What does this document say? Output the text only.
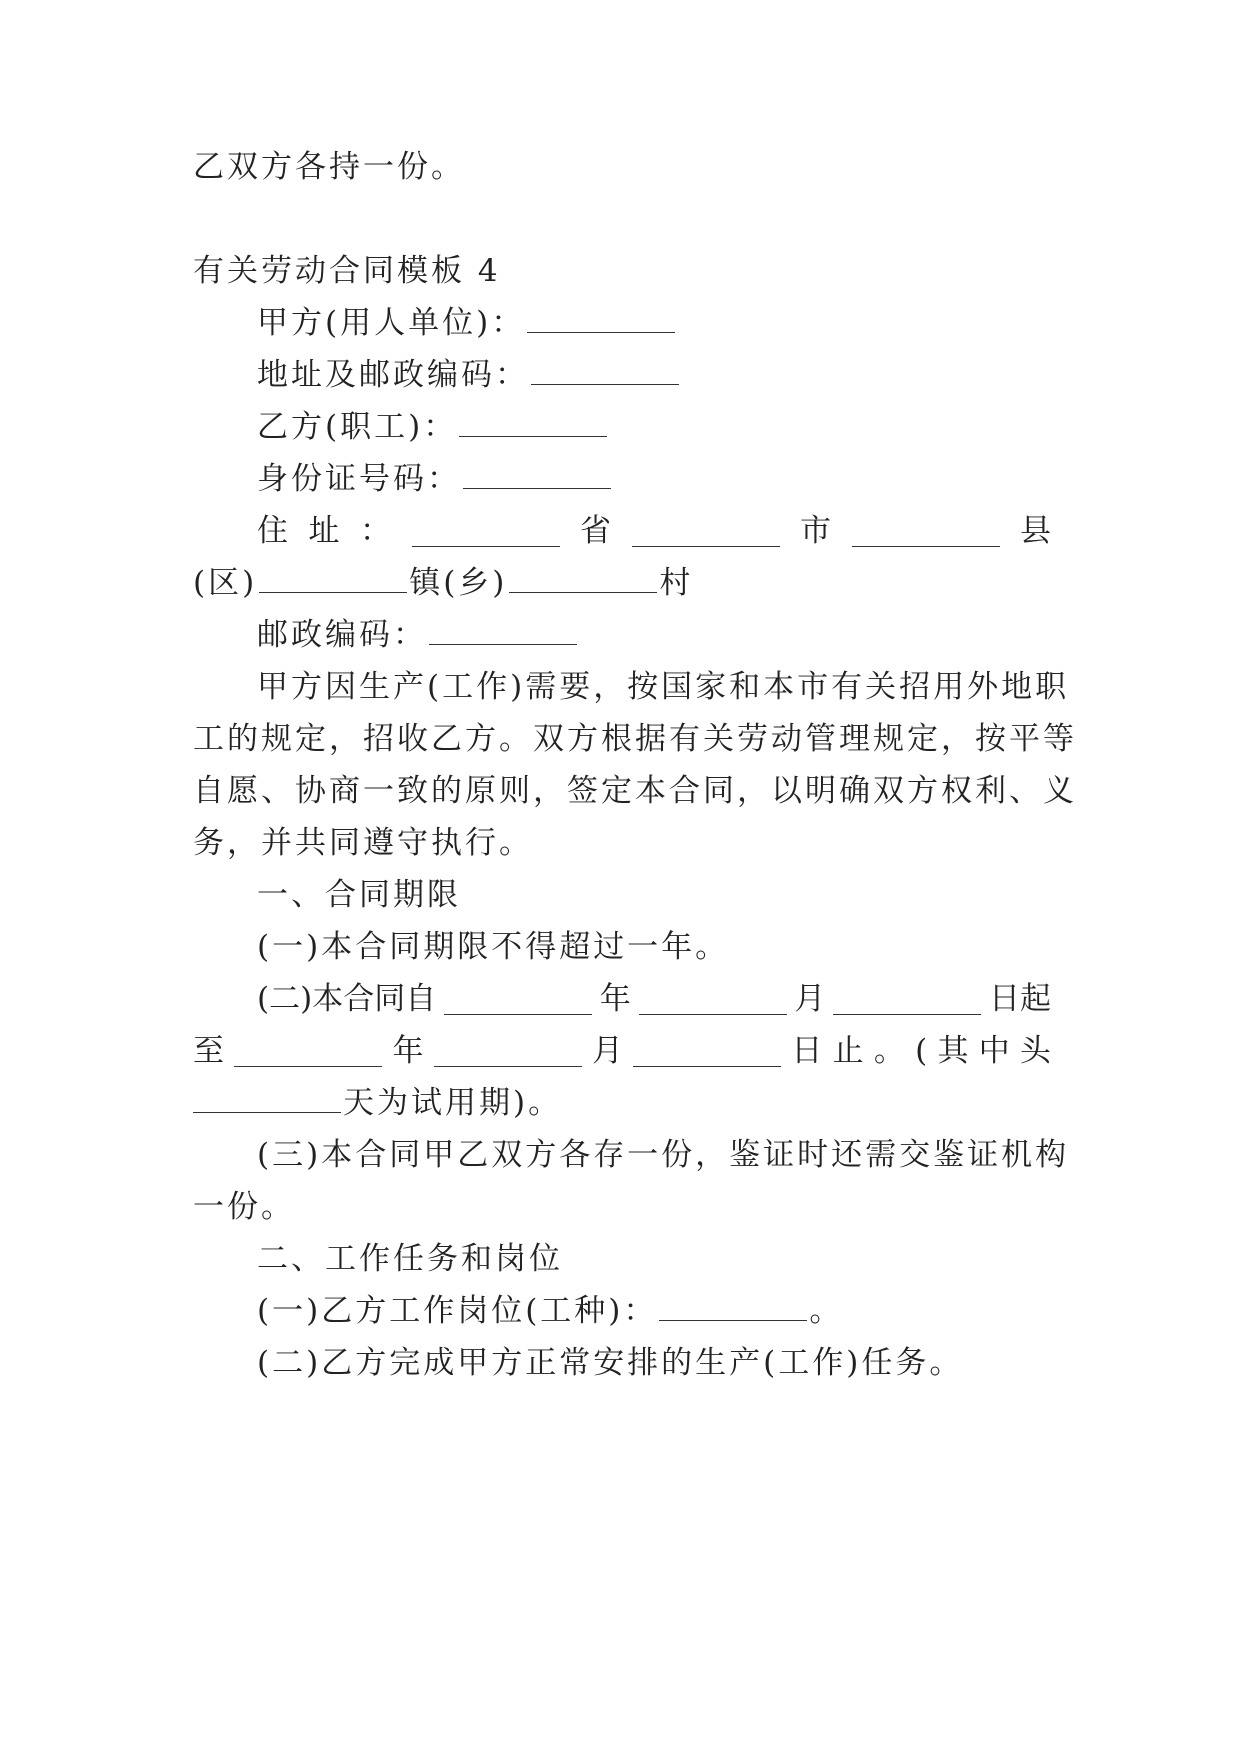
乙双方各持一份。
有关劳动合同模板 4
甲方(用人单位)：
地址及邮政编码：
乙方(职工)：
身份证号码：
住 址 ：	省	市	县
(区)	镇(乡)	村
邮政编码：
甲方因生产(工作)需要，按国家和本市有关招用外地职
工的规定，招收乙方。双方根据有关劳动管理规定，按平等
自愿、协商一致的原则，签定本合同，以明确双方权利、义
务，并共同遵守执行。
一、合同期限
(一)本合同期限不得超过一年。
(二)本合同自	年	月	日起
至	年	月	日 止 。 ( 其 中 头
天为试用期)。
(三)本合同甲乙双方各存一份，鉴证时还需交鉴证机构
一份。
二、工作任务和岗位
(一)乙方工作岗位(工种)：	。
(二)乙方完成甲方正常安排的生产(工作)任务。
